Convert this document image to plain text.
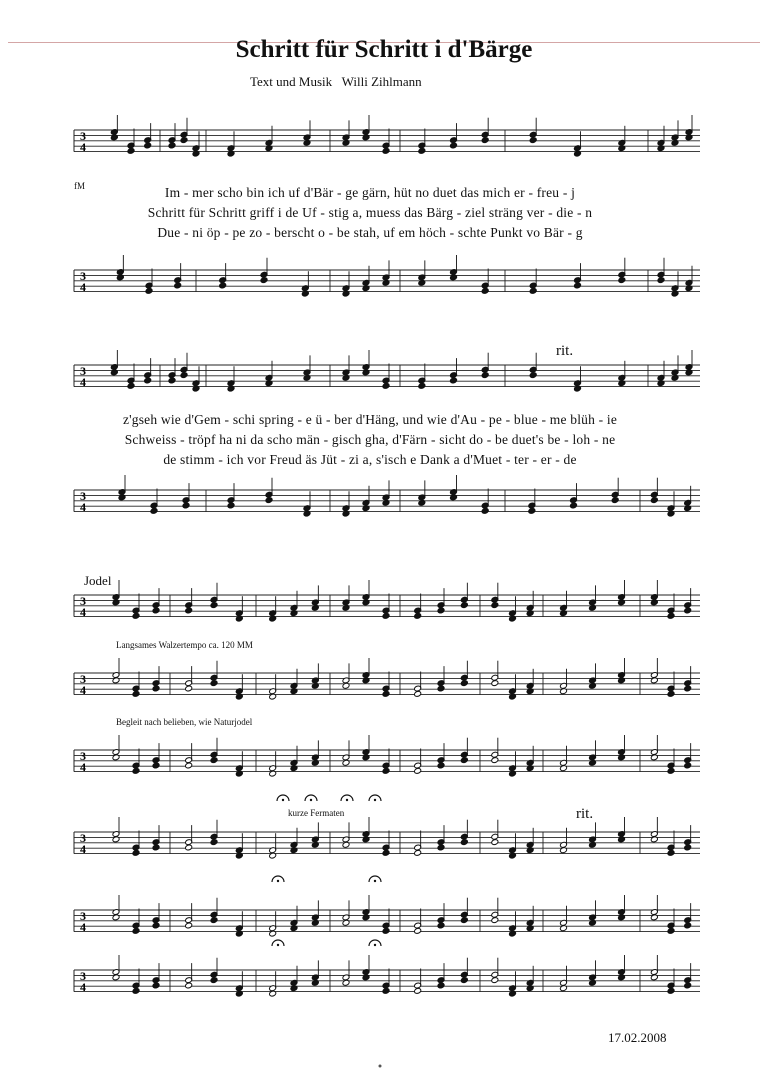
Schritt für Schritt i d'Bärge
Text und Musik   Willi Zihlmann
3
4
3
4
3
4
3
4
3
4
3
4
3
4
3
4
3
4
3
4
fM	Im - mer scho bin ich uf d'Bär - ge gärn, hüt no duet das mich er - freu - j
Schritt für Schritt griff i de Uf - stig a, muess das Bärg - ziel sträng ver - die - n
Due - ni öp - pe zo - berscht o - be stah, uf em höch - schte Punkt vo Bär - g
z'gseh wie d'Gem - schi spring - e ü - ber d'Häng, und wie d'Au - pe - blue - me blüh - ie
Schweiss - tröpf ha ni da scho män - gisch gha, d'Färn - sicht do - be duet's be - loh - ne
de stimm - ich vor Freud äs Jüt - zi a, s'isch e Dank a d'Muet - ter - er - de
rit.
Jodel
Langsames Walzertempo ca. 120 MM
Begleit nach belieben, wie Naturjodel
kurze Fermaten	rit.
17.02.2008
